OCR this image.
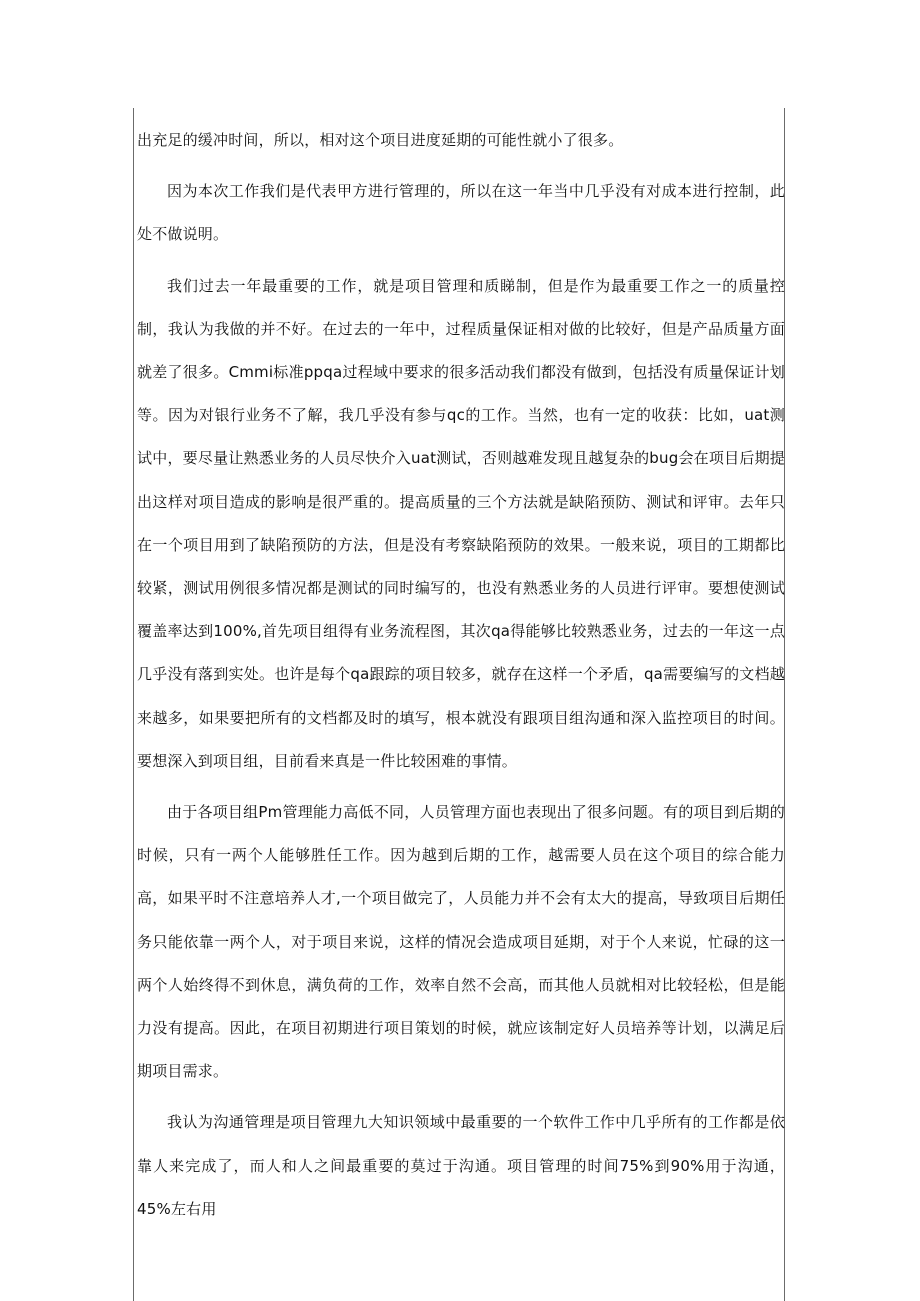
出充足的缓冲时间，所以，相对这个项目进度延期的可能性就小了很多。

因为本次工作我们是代表甲方进行管理的，所以在这一年当中几乎没有对成本进行控制，此处不做说明。

我们过去一年最重要的工作，就是项目管理和质睇制，但是作为最重要工作之一的质量控制，我认为我做的并不好。在过去的一年中，过程质量保证相对做的比较好，但是产品质量方面就差了很多。Cmmi标准ppqa过程域中要求的很多活动我们都没有做到，包括没有质量保证计划等。因为对银行业务不了解，我几乎没有参与qc的工作。当然，也有一定的收获：比如，uat测试中，要尽量让熟悉业务的人员尽快介入uat测试，否则越难发现且越复杂的bug会在项目后期提出这样对项目造成的影响是很严重的。提高质量的三个方法就是缺陷预防、测试和评审。去年只在一个项目用到了缺陷预防的方法，但是没有考察缺陷预防的效果。一般来说，项目的工期都比较紧，测试用例很多情况都是测试的同时编写的，也没有熟悉业务的人员进行评审。要想使测试覆盖率达到100%,首先项目组得有业务流程图，其次qa得能够比较熟悉业务，过去的一年这一点几乎没有落到实处。也许是每个qa跟踪的项目较多，就存在这样一个矛盾，qa需要编写的文档越来越多，如果要把所有的文档都及时的填写，根本就没有跟项目组沟通和深入监控项目的时间。要想深入到项目组，目前看来真是一件比较困难的事情。

由于各项目组Pm管理能力高低不同，人员管理方面也表现出了很多问题。有的项目到后期的时候，只有一两个人能够胜任工作。因为越到后期的工作，越需要人员在这个项目的综合能力高，如果平时不注意培养人才,一个项目做完了，人员能力并不会有太大的提高，导致项目后期任务只能依靠一两个人，对于项目来说，这样的情况会造成项目延期，对于个人来说，忙碌的这一两个人始终得不到休息，满负荷的工作，效率自然不会高，而其他人员就相对比较轻松，但是能力没有提高。因此，在项目初期进行项目策划的时候，就应该制定好人员培养等计划，以满足后期项目需求。

我认为沟通管理是项目管理九大知识领域中最重要的一个软件工作中几乎所有的工作都是依靠人来完成了，而人和人之间最重要的莫过于沟通。项目管理的时间75%到90%用于沟通，45%左右用
